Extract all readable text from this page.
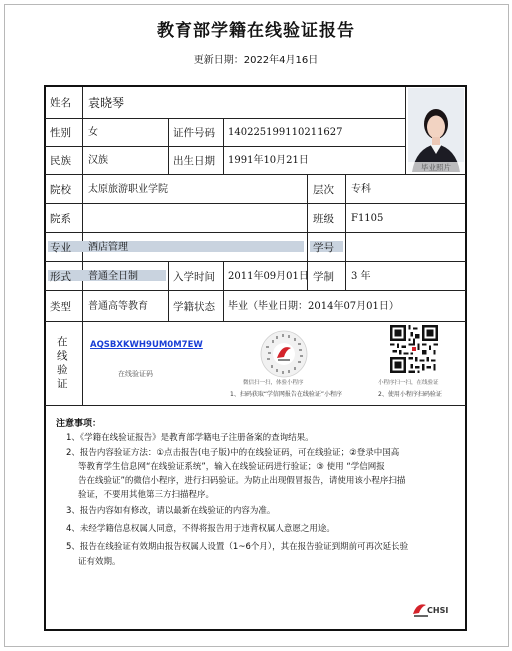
教育部学籍在线验证报告
更新日期：2022年4月16日
姓名 袁晓琴
毕业照片
性别 女	证件号码 140225199110211627
民族 汉族	出生日期 1991年10月21日
院校 太原旅游职业学院	层次 专科
院系	班级 F1105
专业 酒店管理	学号
形式 普通全日制	入学时间 2011年09月01日 学制 3 年
类型 普通高等教育 学籍状态 毕业（毕业日期：2014年07月01日）
在
线
验
证
AQSBXKWH9UM0M7EW
在线验证码
微信扫一扫，体验小程序
1、扫码获取“学信网报告在线验证”小程序
小程序扫一扫，在线验证
2、使用小程序扫码验证
注意事项：
1、《学籍在线验证报告》是教育部学籍电子注册备案的查询结果。
2、报告内容验证方法：①点击报告(电子版)中的在线验证码，可在线验证；②登录中国高
等教育学生信息网“在线验证系统”，输入在线验证码进行验证；③ 使用 “学信网报
告在线验证”的微信小程序，进行扫码验证。为防止出现假冒报告，请使用该小程序扫描
验证，不要用其他第三方扫描程序。
3、报告内容如有修改，请以最新在线验证的内容为准。
4、未经学籍信息权属人同意，不得将报告用于违背权属人意愿之用途。
5、报告在线验证有效期由报告权属人设置（1~6个月），其在报告验证到期前可再次延长验
证有效期。
CHSI
